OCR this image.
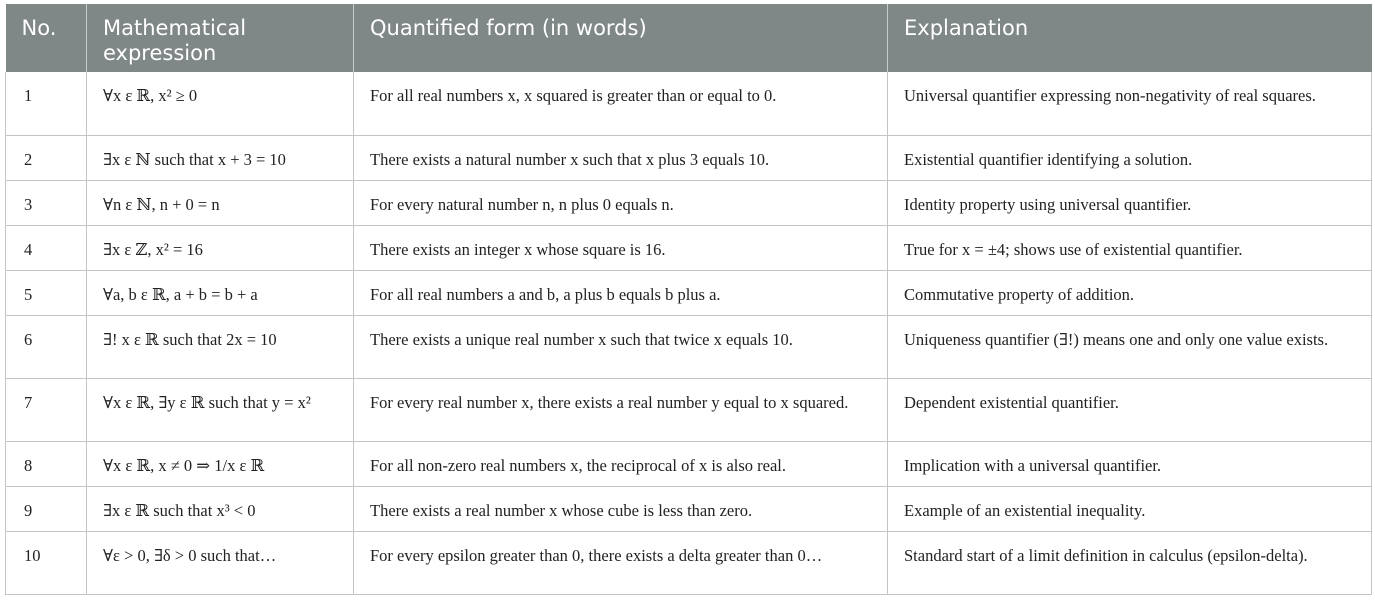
No.	Mathematical expression	Quantified form (in words)	Explanation
1	∀x ε ℝ, x² ≥ 0	For all real numbers x, x squared is greater than or equal to 0.	Universal quantifier expressing non-negativity of real squares.
2	∃x ε ℕ such that x + 3 = 10	There exists a natural number x such that x plus 3 equals 10.	Existential quantifier identifying a solution.
3	∀n ε ℕ, n + 0 = n	For every natural number n, n plus 0 equals n.	Identity property using universal quantifier.
4	∃x ε ℤ, x² = 16	There exists an integer x whose square is 16.	True for x = ±4; shows use of existential quantifier.
5	∀a, b ε ℝ, a + b = b + a	For all real numbers a and b, a plus b equals b plus a.	Commutative property of addition.
6	∃! x ε ℝ such that 2x = 10	There exists a unique real number x such that twice x equals 10.	Uniqueness quantifier (∃!) means one and only one value exists.
7	∀x ε ℝ, ∃y ε ℝ such that y = x²	For every real number x, there exists a real number y equal to x squared.	Dependent existential quantifier.
8	∀x ε ℝ, x ≠ 0 ⇒ 1/x ε ℝ	For all non-zero real numbers x, the reciprocal of x is also real.	Implication with a universal quantifier.
9	∃x ε ℝ such that x³ < 0	There exists a real number x whose cube is less than zero.	Example of an existential inequality.
10	∀ε > 0, ∃δ > 0 such that…	For every epsilon greater than 0, there exists a delta greater than 0…	Standard start of a limit definition in calculus (epsilon-delta).
